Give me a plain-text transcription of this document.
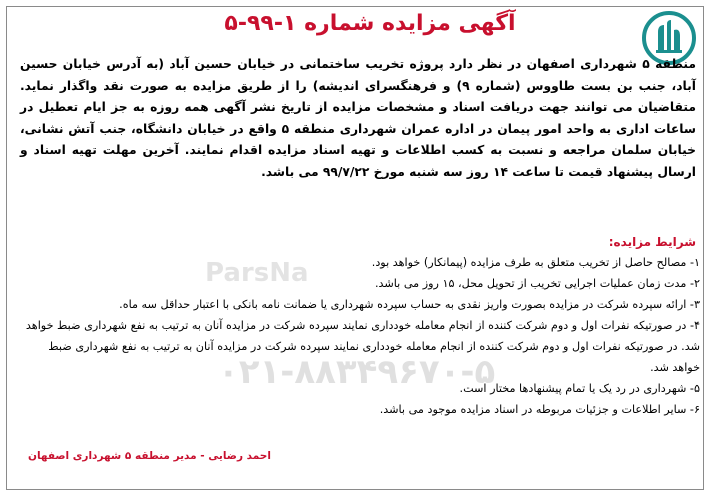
آگهی مزایده شماره ۱-۹۹-۵
منطقه ۵ شهرداری اصفهان در نظر دارد پروژه تخریب ساختمانی در خیابان حسین آباد (به آدرس خیابان حسین آباد، جنب بن بست طاووس (شماره ۹) و فرهنگسرای اندیشه) را از طریق مزایده به صورت نقد واگذار نماید. متقاضیان می توانند جهت دریافت اسناد و مشخصات مزایده از تاریخ نشر آگهی همه روزه به جز ایام تعطیل در ساعات اداری به واحد امور پیمان در اداره عمران شهرداری منطقه ۵ واقع در خیابان دانشگاه، جنب آتش نشانی، خیابان سلمان مراجعه و نسبت به کسب اطلاعات و تهیه اسناد مزایده اقدام نمایند. آخرین مهلت تهیه اسناد و ارسال پیشنهاد قیمت تا ساعت ۱۴ روز سه شنبه مورخ ۹۹/۷/۲۲ می باشد.
شرایط مزایده:
۱- مصالح حاصل از تخریب متعلق به طرف مزایده (پیمانکار) خواهد بود.
۲- مدت زمان عملیات اجرایی تخریب از تحویل محل، ۱۵ روز می باشد.
۳- ارائه سپرده شرکت در مزایده بصورت واریز نقدی به حساب سپرده شهرداری یا ضمانت نامه بانکی با اعتبار حداقل سه ماه.
۴- در صورتیکه نفرات اول و دوم شرکت کننده از انجام معامله خودداری نمایند سپرده شرکت در مزایده آنان به ترتیب به نفع شهرداری ضبط خواهد شد. در صورتیکه نفرات اول و دوم شرکت کننده از انجام معامله خودداری نمایند سپرده شرکت در مزایده آنان به ترتیب به نفع شهرداری ضبط خواهد شد.
۵- شهرداری در رد یک یا تمام پیشنهادها مختار است.
۶- سایر اطلاعات و جزئیات مربوطه در اسناد مزایده موجود می باشد.
ParsNa
۰۲۱-۸۸۳۴۹۶۷۰-۵
احمد رضایی - مدیر منطقه ۵ شهرداری اصفهان
